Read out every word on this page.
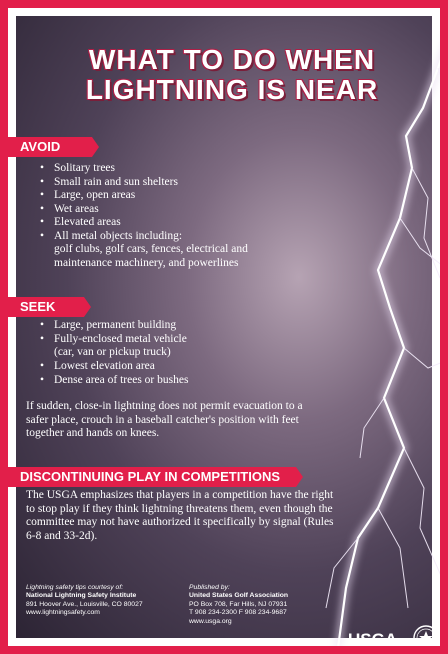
WHAT TO DO WHEN
LIGHTNING IS NEAR
AVOID
• Solitary trees
• Small rain and sun shelters
• Large, open areas
• Wet areas
• Elevated areas
• All metal objects including:

golf clubs, golf cars, fences, electrical and
maintenance machinery, and powerlines

SEEK
• Large, permanent building
• Fully-enclosed metal vehicle

(car, van or pickup truck)

• Lowest elevation area
• Dense area of trees or bushes

If sudden, close-in lightning does not permit evacuation to a safer place, crouch in a baseball catcher's position with feet together and hands on knees.

DISCONTINUING PLAY IN COMPETITIONS

The USGA emphasizes that players in a competition have the right to stop play if they think lightning threatens them, even though the committee may not have authorized it specifically by signal (Rules 6-8 and 33-2d).

Lightning safety tips courtesy of:
National Lightning Safety Institute
891 Hoover Ave., Louisville, CO 80027
www.lightningsafety.com
Published by:
United States Golf Association
PO Box 708, Far Hills, NJ 07931
T 908 234-2300 F 908 234-9687
www.usga.org
USGA
